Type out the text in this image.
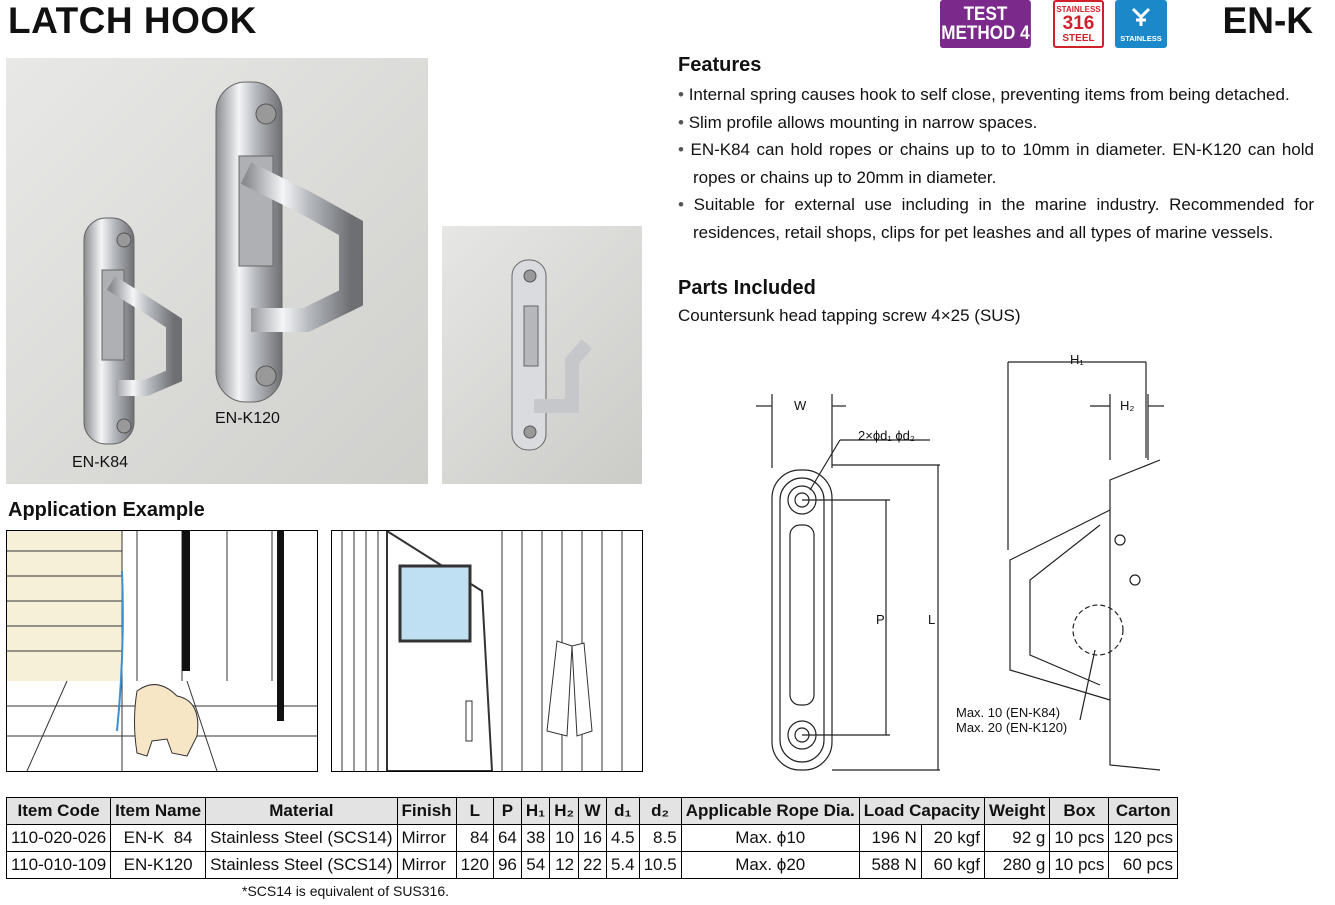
LATCH HOOK	EN-K
TEST
METHOD 4
STAINLESS
316
STEEL	STAINLESS
EN-K84
EN-K120
Features
• Internal spring causes hook to self close, preventing items from being detached.
• Slim profile allows mounting in narrow spaces.
• EN-K84 can hold ropes or chains up to to 10mm in diameter. EN-K120 can hold ropes or chains up to 20mm in diameter.
• Suitable for external use including in the marine industry. Recommended for residences, retail shops, clips for pet leashes and all types of marine vessels.
Parts Included
Countersunk head tapping screw 4×25 (SUS)
Application Example
W
2×ϕd₁ ϕd₂
P	L
H₁
H₂
Max. 10 (EN-K84)
Max. 20 (EN-K120)
Item Code	Item Name	Material	Finish	L	P	H₁	H₂	W	d₁	d₂	Applicable Rope Dia.	Load Capacity		Weight	Box	Carton
110-020-026	EN-K  84	Stainless Steel (SCS14)	Mirror	84	64	38	10	16	4.5	8.5	Max. ϕ10	196 N	20 kgf	92 g	10 pcs	120 pcs
110-010-109	EN-K120	Stainless Steel (SCS14)	Mirror	120	96	54	12	22	5.4	10.5	Max. ϕ20	588 N	60 kgf	280 g	10 pcs	60 pcs
*SCS14 is equivalent of SUS316.
